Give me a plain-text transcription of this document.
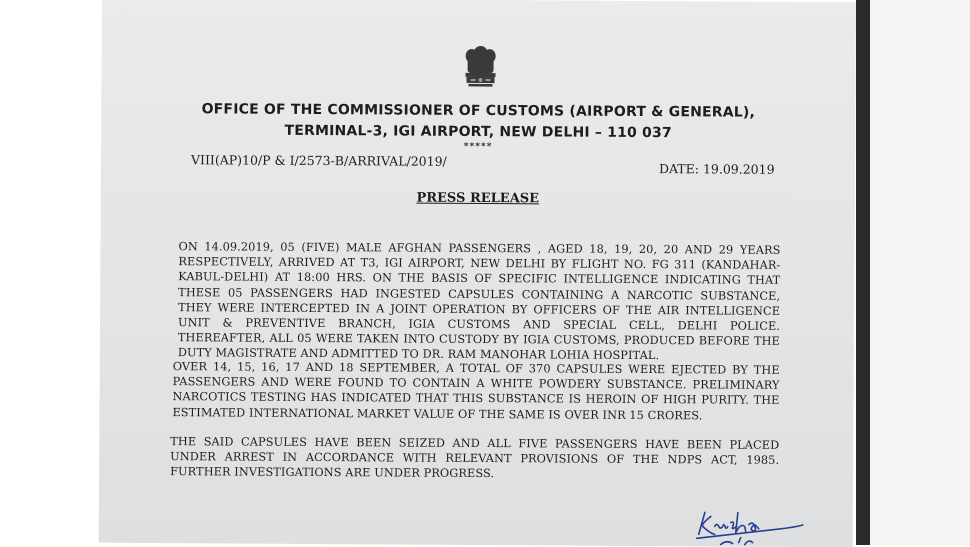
OFFICE OF THE COMMISSIONER OF CUSTOMS (AIRPORT & GENERAL),
TERMINAL-3, IGI AIRPORT, NEW DELHI – 110 037
*****
VIII(AP)10/P & I/2573-B/ARRIVAL/2019/
DATE: 19.09.2019
PRESS RELEASE
ON 14.09.2019, 05 (FIVE) MALE AFGHAN PASSENGERS , AGED 18, 19, 20, 20 AND 29 YEARS RESPECTIVELY, ARRIVED AT T3, IGI AIRPORT, NEW DELHI BY FLIGHT NO. FG 311 (KANDAHAR-KABUL-DELHI) AT 18:00 HRS. ON THE BASIS OF SPECIFIC INTELLIGENCE INDICATING THAT THESE 05 PASSENGERS HAD INGESTED CAPSULES CONTAINING A NARCOTIC SUBSTANCE, THEY WERE INTERCEPTED IN A JOINT OPERATION BY OFFICERS OF THE AIR INTELLIGENCE UNIT & PREVENTIVE BRANCH, IGIA CUSTOMS AND SPECIAL CELL, DELHI POLICE. THEREAFTER, ALL 05 WERE TAKEN INTO CUSTODY BY IGIA CUSTOMS, PRODUCED BEFORE THE DUTY MAGISTRATE AND ADMITTED TO DR. RAM MANOHAR LOHIA HOSPITAL.
OVER 14, 15, 16, 17 AND 18 SEPTEMBER, A TOTAL OF 370 CAPSULES WERE EJECTED BY THE PASSENGERS AND WERE FOUND TO CONTAIN A WHITE POWDERY SUBSTANCE. PRELIMINARY NARCOTICS TESTING HAS INDICATED THAT THIS SUBSTANCE IS HEROIN OF HIGH PURITY. THE ESTIMATED INTERNATIONAL MARKET VALUE OF THE SAME IS OVER INR 15 CRORES.
THE SAID CAPSULES HAVE BEEN SEIZED AND ALL FIVE PASSENGERS HAVE BEEN PLACED UNDER ARREST IN ACCORDANCE WITH RELEVANT PROVISIONS OF THE NDPS ACT, 1985. FURTHER INVESTIGATIONS ARE UNDER PROGRESS.
